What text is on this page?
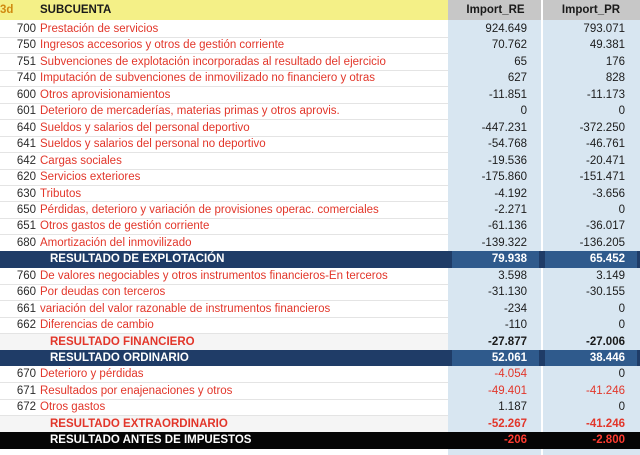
3d	SUBCUENTA	Import_RE	Import_PR
700 Prestación de servicios	924.649	793.071
750 Ingresos accesorios y otros de gestión corriente	70.762	49.381
751 Subvenciones de explotación incorporadas al resultado del ejercicio	65	176
740 Imputación de subvenciones de inmovilizado no financiero y otras	627	828
600 Otros aprovisionamientos	-11.851	-11.173
601 Deterioro de mercaderías, materias primas y otros aprovis.	0	0
640 Sueldos y salarios del personal deportivo	-447.231	-372.250
641 Sueldos y salarios del personal no deportivo	-54.768	-46.761
642 Cargas sociales	-19.536	-20.471
620 Servicios exteriores	-175.860	-151.471
630 Tributos	-4.192	-3.656
650 Pérdidas, deterioro y variación de provisiones operac. comerciales	-2.271	0
651 Otros gastos de gestión corriente	-61.136	-36.017
680 Amortización del inmovilizado	-139.322	-136.205
RESULTADO DE EXPLOTACIÓN	79.938	65.452
760 De valores negociables y otros instrumentos financieros-En terceros	3.598	3.149
660 Por deudas con terceros	-31.130	-30.155
661 variación del valor razonable de instrumentos financieros	-234	0
662 Diferencias de cambio	-110	0
RESULTADO FINANCIERO	-27.877	-27.006
RESULTADO ORDINARIO	52.061	38.446
670 Deterioro y pérdidas	-4.054	0
671 Resultados por enajenaciones y otros	-49.401	-41.246
672 Otros gastos	1.187	0
RESULTADO EXTRAORDINARIO	-52.267	-41.246
RESULTADO ANTES DE IMPUESTOS	-206	-2.800
